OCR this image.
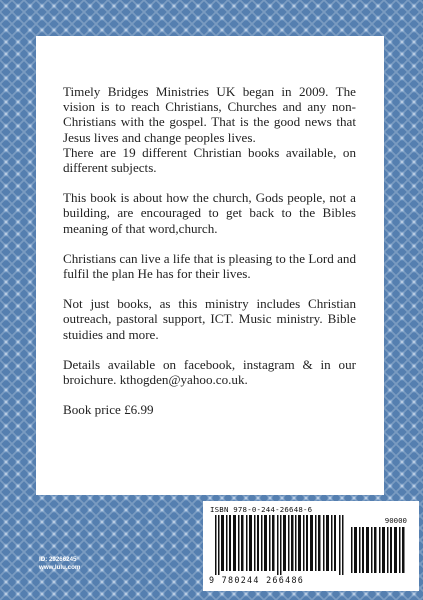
Timely Bridges Ministries UK began in 2009. The vision is to reach Christians, Churches and any non-Christians with the gospel. That is the good news that Jesus lives and change peoples lives.

There are 19 different Christian books available, on different subjects.

This book is about how the church, Gods people, not a building, are encouraged to get back to the Bibles meaning of that word,church.

Christians can live a life that is pleasing to the Lord and fulfil the plan He has for their lives.

Not just books, as this ministry includes Christian outreach, pastoral support, ICT. Music ministry. Bible stuidies and more.

Details available on facebook, instagram & in our broichure. kthogden@yahoo.co.uk.

Book price £6.99

ID: 29266245
www.lulu.com
ISBN 978-0-244-26648-6
90000
9 780244 266486
